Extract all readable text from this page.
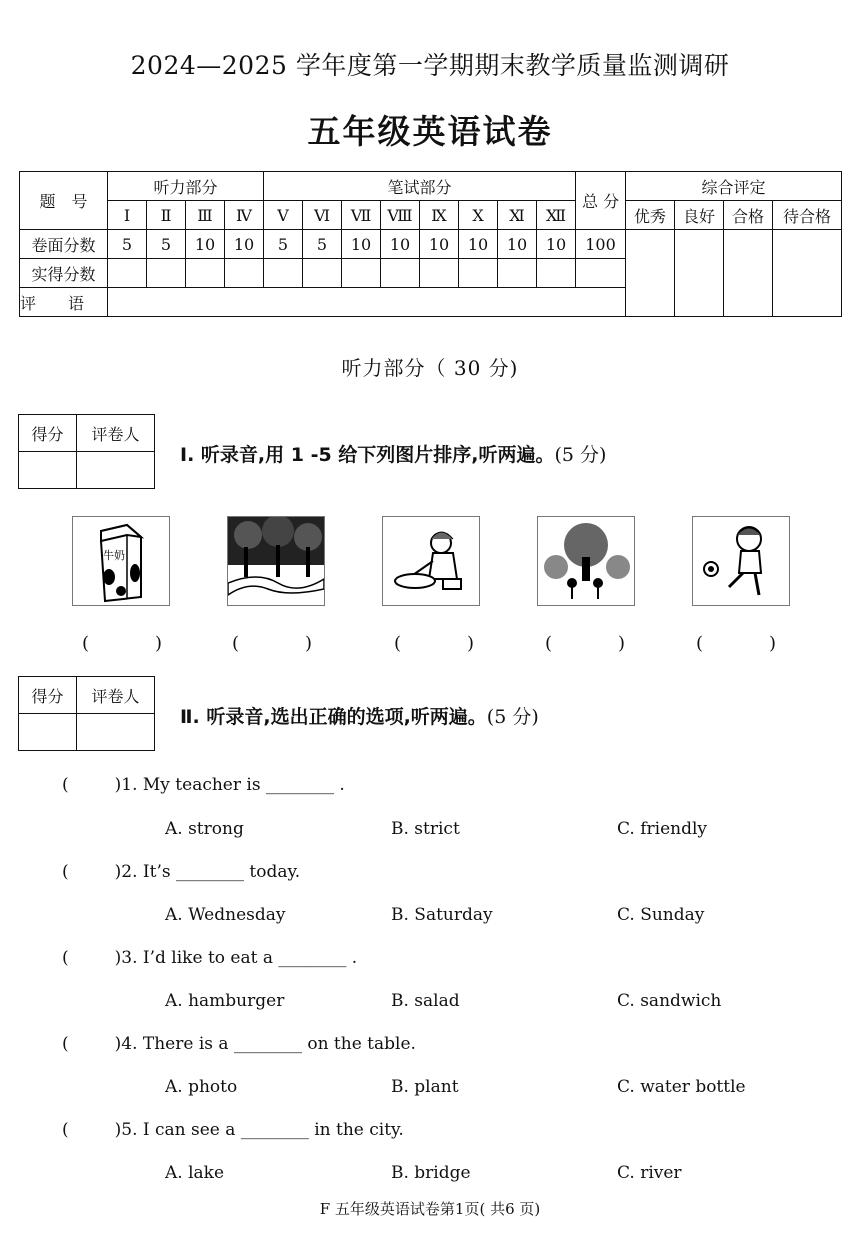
2024—2025 学年度第一学期期末教学质量监测调研
五年级英语试卷
题　号	听力部分				笔试部分								总 分	综合评定			
	Ⅰ	Ⅱ	Ⅲ	Ⅳ	Ⅴ	Ⅵ	Ⅶ	Ⅷ	Ⅸ	Ⅹ	Ⅺ	Ⅻ		优秀	良好	合格	待合格
卷面分数	5	5	10	10	5	5	10	10	10	10	10	10	100				
实得分数																	
评　　语																	
听力部分（ 30 分)
得分	评卷人

Ⅰ. 听录音,用 1 -5 给下列图片排序,听两遍。(5 分)
牛奶
(	)	(	)	(	)	(	)	(	)
得分	评卷人

Ⅱ. 听录音,选出正确的选项,听两遍。(5 分)
(	)1. My teacher is ________ .
A. strong	B. strict	C. friendly
(	)2. It’s ________ today.
A. Wednesday	B. Saturday	C. Sunday
(	)3. I’d like to eat a ________ .
A. hamburger	B. salad	C. sandwich
(	)4. There is a ________ on the table.
A. photo	B. plant	C. water bottle
(	)5. I can see a ________ in the city.
A. lake	B. bridge	C. river
F 五年级英语试卷第1页( 共6 页)
